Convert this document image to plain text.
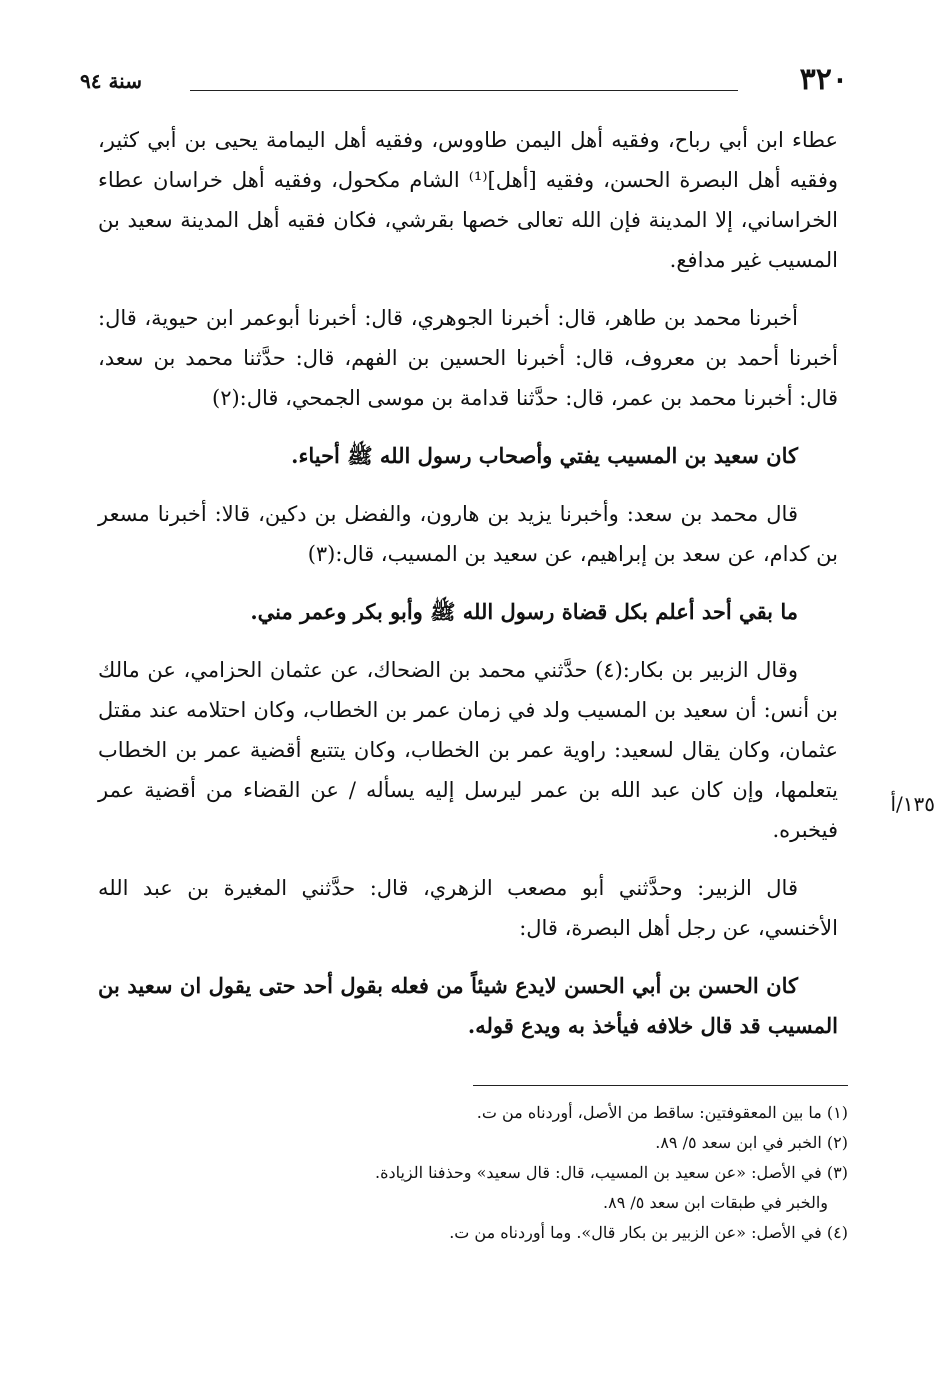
سنة ٩٤	٣٢٠

عطاء ابن أبي رباح، وفقيه أهل اليمن طاووس، وفقيه أهل اليمامة يحيى بن أبي كثير، وفقيه أهل البصرة الحسن، وفقيه [أهل]⁽¹⁾ الشام مكحول، وفقيه أهل خراسان عطاء الخراساني، إلا المدينة فإن الله تعالى خصها بقرشي، فكان فقيه أهل المدينة سعيد بن المسيب غير مدافع.

أخبرنا محمد بن طاهر، قال: أخبرنا الجوهري، قال: أخبرنا أبوعمر ابن حيوية، قال: أخبرنا أحمد بن معروف، قال: أخبرنا الحسين بن الفهم، قال: حدَّثنا محمد بن سعد، قال: أخبرنا محمد بن عمر، قال: حدَّثنا قدامة بن موسى الجمحي، قال:(٢)

كان سعيد بن المسيب يفتي وأصحاب رسول الله ﷺ أحياء.

قال محمد بن سعد: وأخبرنا يزيد بن هارون، والفضل بن دكين، قالا: أخبرنا مسعر بن كدام، عن سعد بن إبراهيم، عن سعيد بن المسيب، قال:(٣)

ما بقي أحد أعلم بكل قضاة رسول الله ﷺ وأبو بكر وعمر مني.

وقال الزبير بن بكار:(٤) حدَّثني محمد بن الضحاك، عن عثمان الحزامي، عن مالك بن أنس: أن سعيد بن المسيب ولد في زمان عمر بن الخطاب، وكان احتلامه عند مقتل عثمان، وكان يقال لسعيد: راوية عمر بن الخطاب، وكان يتتبع أقضية عمر بن الخطاب يتعلمها، وإن كان عبد الله بن عمر ليرسل إليه يسأله / عن القضاء من أقضية عمر فيخبره.

قال الزبير: وحدَّثني أبو مصعب الزهري، قال: حدَّثني المغيرة بن عبد الله الأخنسي، عن رجل أهل البصرة، قال:

كان الحسن بن أبي الحسن لايدع شيئاً من فعله بقول أحد حتى يقول ان سعيد بن المسيب قد قال خلافه فيأخذ به ويدع قوله.

١٣٥/أ
(١) ما بين المعقوفتين: ساقط من الأصل، أوردناه من ت.
(٢) الخبر في ابن سعد ٥/ ٨٩.
(٣) في الأصل: «عن سعيد بن المسيب، قال: قال سعيد» وحذفنا الزيادة.
والخبر في طبقات ابن سعد ٥/ ٨٩.
(٤) في الأصل: «عن الزبير بن بكار قال». وما أوردناه من ت.
